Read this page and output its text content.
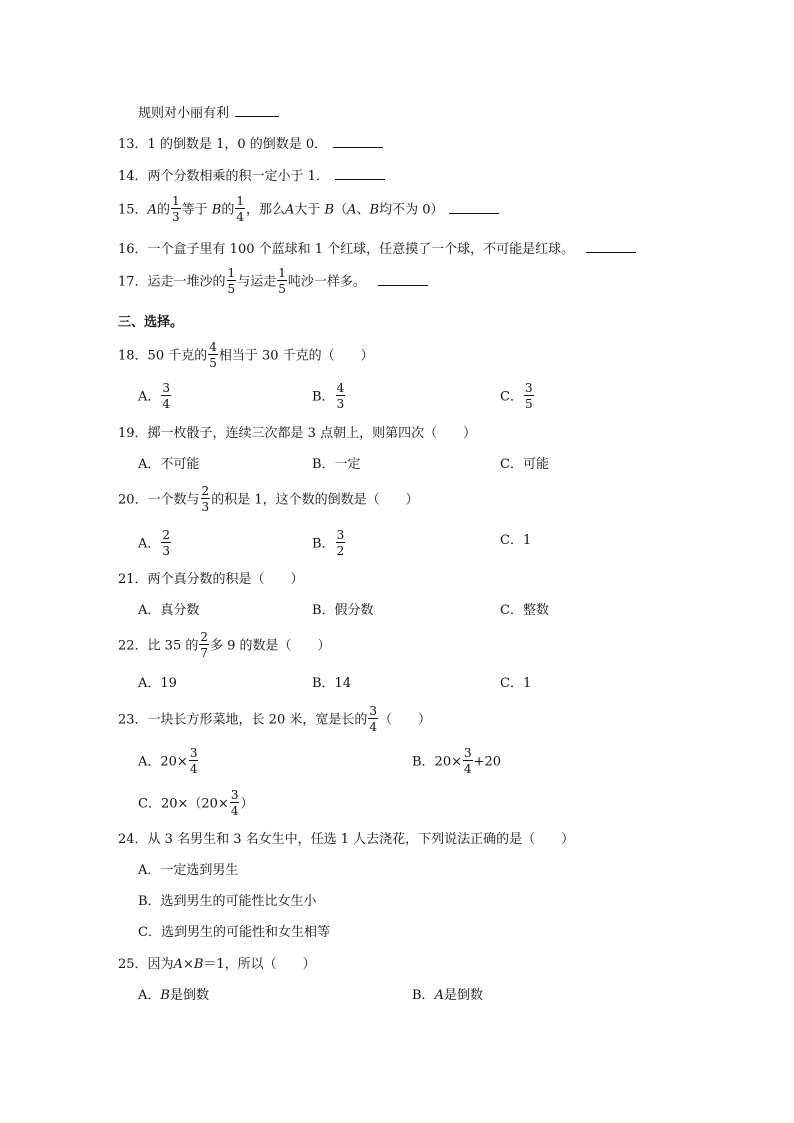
规则对小丽有利
13．1 的倒数是 1，0 的倒数是 0．
14．两个分数相乘的积一定小于 1．
15．A的 $\frac{1}{3}$ 等于 B的 $\frac{1}{4}$ ，那么A大于 B（A、B均不为 0）
16．一个盒子里有 100 个蓝球和 1 个红球，任意摸了一个球，不可能是红球。
17．运走一堆沙的 $\frac{1}{5}$ 与运走 $\frac{1}{5}$ 吨沙一样多。
三、选择。
18．50 千克的 $\frac{4}{5}$ 相当于 30 千克的（　　）
A． $\frac{3}{4}$	B． $\frac{4}{3}$	C． $\frac{3}{5}$
19．掷一枚骰子，连续三次都是 3 点朝上，则第四次（　　）
A．不可能	B．一定	C．可能
20．一个数与 $\frac{2}{3}$ 的积是 1，这个数的倒数是（　　）
A． $\frac{2}{3}$	B． $\frac{3}{2}$	C．1
21．两个真分数的积是（　　）
A．真分数	B．假分数	C．整数
22．比 35 的 $\frac{2}{7}$ 多 9 的数是（　　）
A．19	B．14	C．1
23．一块长方形菜地，长 20 米，宽是长的 $\frac{3}{4}$ （　　）
A．$20\times \frac{3}{4}$	B．$20\times \frac{3}{4} +20$
C．$20\times(20\times \frac{3}{4}$ ）
24．从 3 名男生和 3 名女生中，任选 1 人去浇花，下列说法正确的是（　　）
A．一定选到男生
B．选到男生的可能性比女生小
C．选到男生的可能性和女生相等
25．因为A×B＝1，所以（　　）
A．B是倒数	B．A是倒数
